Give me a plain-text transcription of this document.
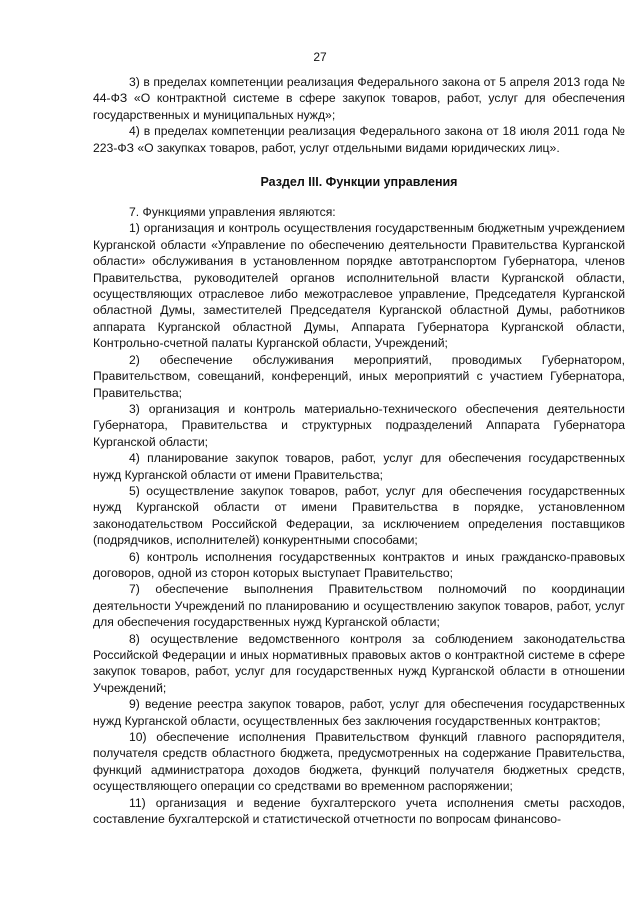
27

3) в пределах компетенции реализация Федерального закона от 5 апреля 2013 года № 44-ФЗ «О контрактной системе в сфере закупок товаров, работ, услуг для обеспечения государственных и муниципальных нужд»;

4) в пределах компетенции реализация Федерального закона от 18 июля 2011 года № 223-ФЗ «О закупках товаров, работ, услуг отдельными видами юридических лиц».

Раздел III. Функции управления

7. Функциями управления являются:

1) организация и контроль осуществления государственным бюджетным учреждением Курганской области «Управление по обеспечению деятельности Правительства Курганской области» обслуживания в установленном порядке автотранспортом Губернатора, членов Правительства, руководителей органов исполнительной власти Курганской области, осуществляющих отраслевое либо межотраслевое управление, Председателя Курганской областной Думы, заместителей Председателя Курганской областной Думы, работников аппарата Курганской областной Думы, Аппарата Губернатора Курганской области, Контрольно-счетной палаты Курганской области, Учреждений;

2) обеспечение обслуживания мероприятий, проводимых Губернатором, Правительством, совещаний, конференций, иных мероприятий с участием Губернатора, Правительства;

3) организация и контроль материально-технического обеспечения деятельности Губернатора, Правительства и структурных подразделений Аппарата Губернатора Курганской области;

4) планирование закупок товаров, работ, услуг для обеспечения государственных нужд Курганской области от имени Правительства;

5) осуществление закупок товаров, работ, услуг для обеспечения государственных нужд Курганской области от имени Правительства в порядке, установленном законодательством Российской Федерации, за исключением определения поставщиков (подрядчиков, исполнителей) конкурентными способами;

6) контроль исполнения государственных контрактов и иных гражданско-правовых договоров, одной из сторон которых выступает Правительство;

7) обеспечение выполнения Правительством полномочий по координации деятельности Учреждений по планированию и осуществлению закупок товаров, работ, услуг для обеспечения государственных нужд Курганской области;

8) осуществление ведомственного контроля за соблюдением законодательства Российской Федерации и иных нормативных правовых актов о контрактной системе в сфере закупок товаров, работ, услуг для государственных нужд Курганской области в отношении Учреждений;

9) ведение реестра закупок товаров, работ, услуг для обеспечения государственных нужд Курганской области, осуществленных без заключения государственных контрактов;

10) обеспечение исполнения Правительством функций главного распорядителя, получателя средств областного бюджета, предусмотренных на содержание Правительства, функций администратора доходов бюджета, функций получателя бюджетных средств, осуществляющего операции со средствами во временном распоряжении;

11) организация и ведение бухгалтерского учета исполнения сметы расходов, составление бухгалтерской и статистической отчетности по вопросам финансово-
